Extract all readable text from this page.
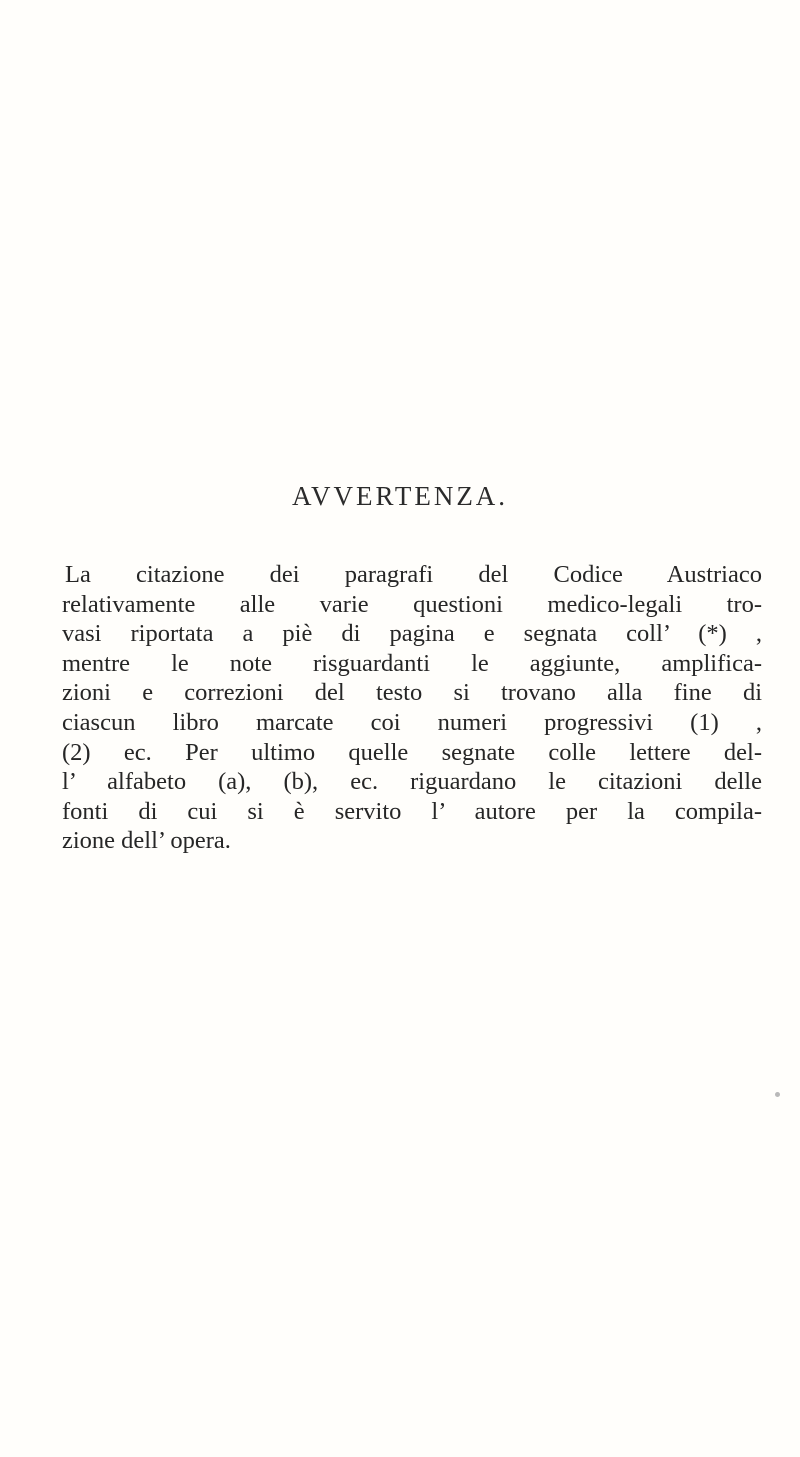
AVVERTENZA.
La citazione dei paragrafi del Codice Austriaco
relativamente alle varie questioni medico-legali tro-
vasi riportata a piè di pagina e segnata coll’ (*) ,
mentre le note risguardanti le aggiunte, amplifica-
zioni e correzioni del testo si trovano alla fine di
ciascun libro marcate coi numeri progressivi (1) ,
(2) ec. Per ultimo quelle segnate colle lettere del-
l’ alfabeto (a), (b), ec. riguardano le citazioni delle
fonti di cui si è servito l’ autore per la compila-
zione dell’ opera.
